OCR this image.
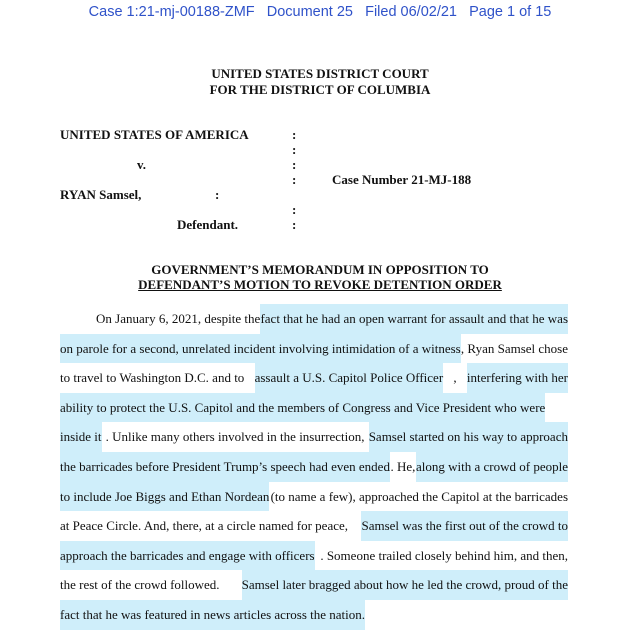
Case 1:21-mj-00188-ZMF Document 25 Filed 06/02/21 Page 1 of 15
UNITED STATES DISTRICT COURT
FOR THE DISTRICT OF COLUMBIA
UNITED STATES OF AMERICA
v.
RYAN Samsel,	:
Defendant.
:
:
:
:
:
:
Case Number 21-MJ-188
GOVERNMENT’S MEMORANDUM IN OPPOSITION TO
DEFENDANT’S MOTION TO REVOKE DETENTION ORDER
On January 6, 2021, despite the fact that he had an open warrant for assault and that he was
on parole for a second, unrelated incident involving intimidation of a witness , Ryan Samsel chose
to travel to Washington D.C. and to assault a U.S. Capitol Police Officer , interfering with her
ability to protect the U.S. Capitol and the members of Congress and Vice President who were
inside it . Unlike many others involved in the insurrection, Samsel started on his way to approach
the barricades before President Trump’s speech had even ended . He, along with a crowd of people
to include Joe Biggs and Ethan Nordean (to name a few), approached the Capitol at the barricades
at Peace Circle. And, there, at a circle named for peace, Samsel was the first out of the crowd to
approach the barricades and engage with officers . Someone trailed closely behind him, and then,
the rest of the crowd followed. Samsel later bragged about how he led the crowd, proud of the
fact that he was featured in news articles across the nation.
